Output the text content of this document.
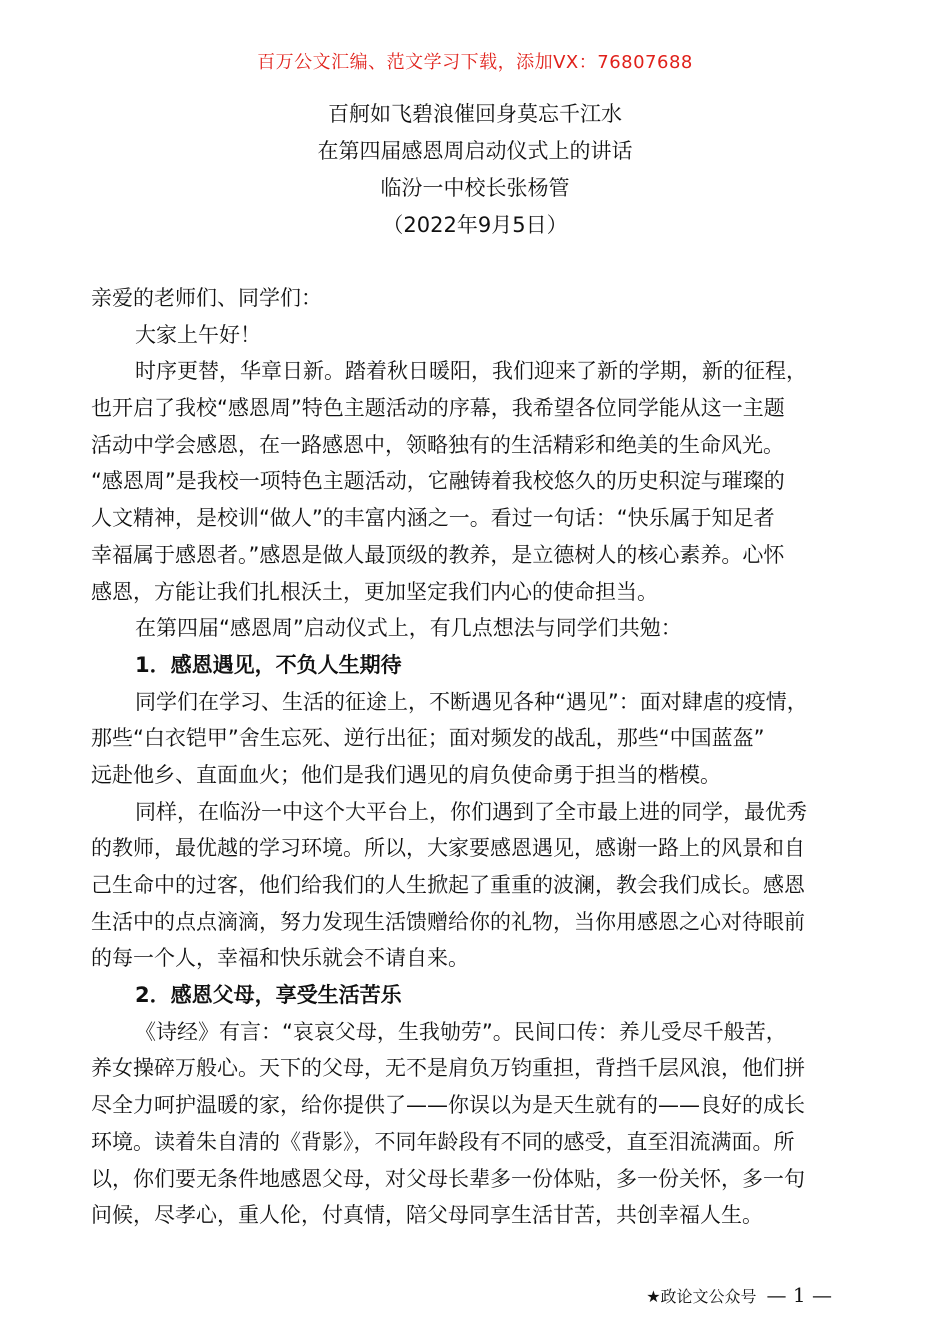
百万公文汇编、范文学习下载，添加VX：76807688
百舸如飞碧浪催回身莫忘千江水
在第四届感恩周启动仪式上的讲话
临汾一中校长张杨管
（2022年9月5日）
亲爱的老师们、同学们：
大家上午好！
时序更替，华章日新。踏着秋日暖阳，我们迎来了新的学期，新的征程，
也开启了我校“感恩周”特色主题活动的序幕，我希望各位同学能从这一主题
活动中学会感恩，在一路感恩中，领略独有的生活精彩和绝美的生命风光。
“感恩周”是我校一项特色主题活动，它融铸着我校悠久的历史积淀与璀璨的
人文精神，是校训“做人”的丰富内涵之一。看过一句话：“快乐属于知足者
幸福属于感恩者。”感恩是做人最顶级的教养，是立德树人的核心素养。心怀
感恩，方能让我们扎根沃土，更加坚定我们内心的使命担当。
在第四届“感恩周”启动仪式上，有几点想法与同学们共勉：
1．感恩遇见，不负人生期待
同学们在学习、生活的征途上，不断遇见各种“遇见”：面对肆虐的疫情，
那些“白衣铠甲”舍生忘死、逆行出征；面对频发的战乱，那些“中国蓝盔”
远赴他乡、直面血火；他们是我们遇见的肩负使命勇于担当的楷模。
同样，在临汾一中这个大平台上，你们遇到了全市最上进的同学，最优秀
的教师，最优越的学习环境。所以，大家要感恩遇见，感谢一路上的风景和自
己生命中的过客，他们给我们的人生掀起了重重的波澜，教会我们成长。感恩
生活中的点点滴滴，努力发现生活馈赠给你的礼物，当你用感恩之心对待眼前
的每一个人，幸福和快乐就会不请自来。
2．感恩父母，享受生活苦乐
《诗经》有言：“哀哀父母，生我劬劳”。民间口传：养儿受尽千般苦，
养女操碎万般心。天下的父母，无不是肩负万钧重担，背挡千层风浪，他们拼
尽全力呵护温暖的家，给你提供了——你误以为是天生就有的——良好的成长
环境。读着朱自清的《背影》，不同年龄段有不同的感受，直至泪流满面。所
以，你们要无条件地感恩父母，对父母长辈多一份体贴，多一份关怀，多一句
问候，尽孝心，重人伦，付真情，陪父母同享生活甘苦，共创幸福人生。
★政论文公众号 — 1 —
